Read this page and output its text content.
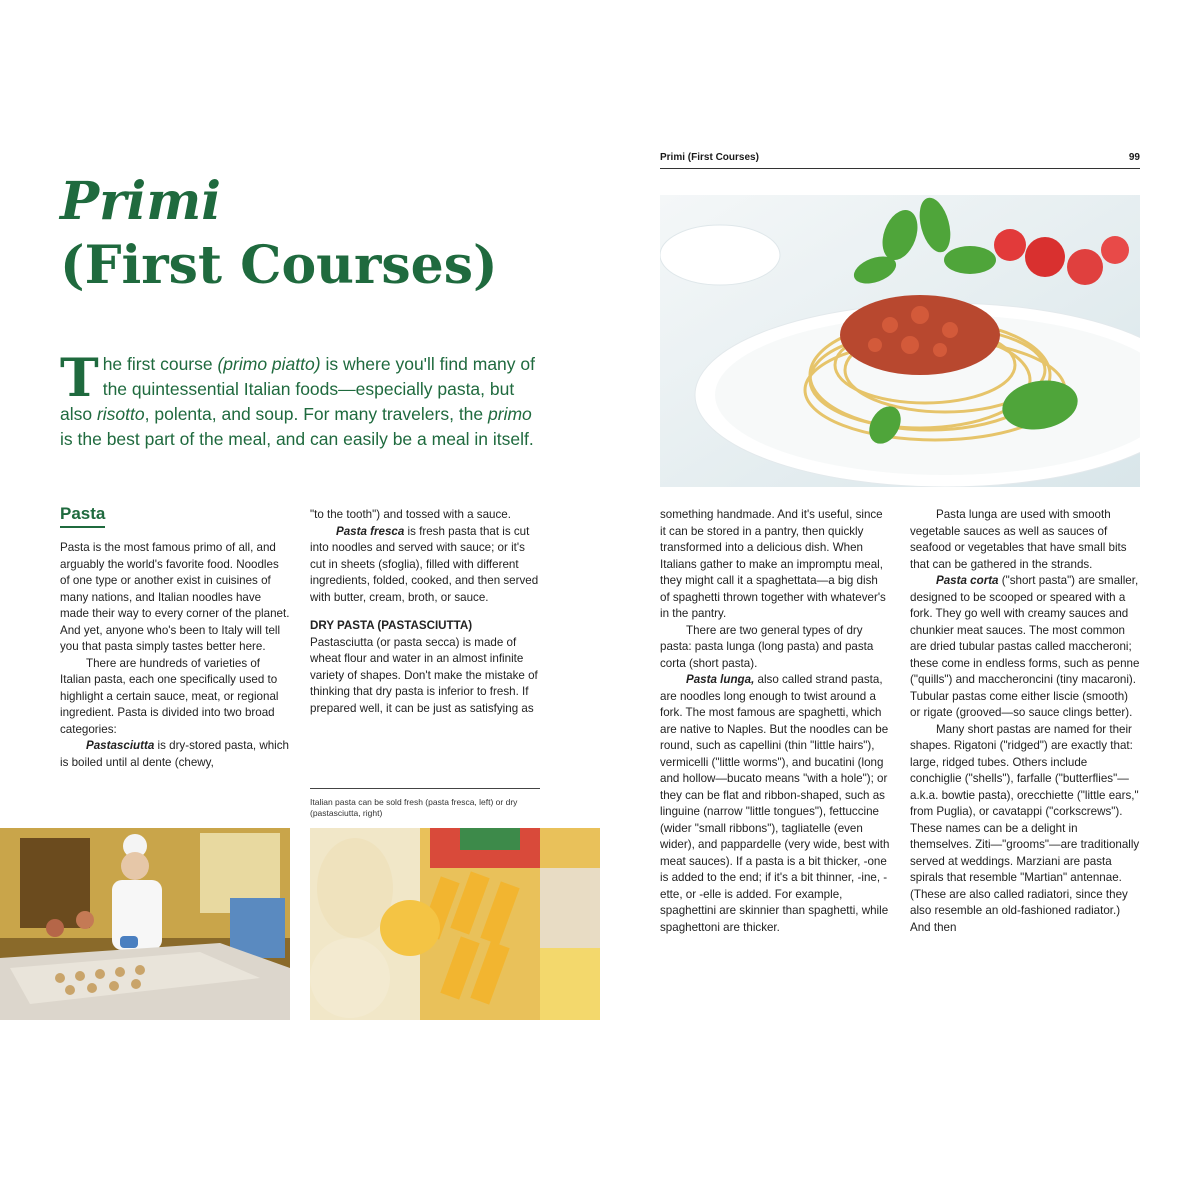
Primi
(First Courses)

The first course (primo piatto) is where you'll find many of the quintessential Italian foods—especially pasta, but also risotto, polenta, and soup. For many travelers, the primo is the best part of the meal, and can easily be a meal in itself.

Pasta

Pasta is the most famous primo of all, and arguably the world's favorite food. Noodles of one type or another exist in cuisines of many nations, and Italian noodles have made their way to every corner of the planet. And yet, anyone who's been to Italy will tell you that pasta simply tastes better here.

There are hundreds of varieties of Italian pasta, each one specifically used to highlight a certain sauce, meat, or regional ingredient. Pasta is divided into two broad categories:

Pastasciutta is dry-stored pasta, which is boiled until al dente (chewy,

"to the tooth") and tossed with a sauce.

Pasta fresca is fresh pasta that is cut into noodles and served with sauce; or it's cut in sheets (sfoglia), filled with different ingredients, folded, cooked, and then served with butter, cream, broth, or sauce.

DRY PASTA (PASTASCIUTTA)

Pastasciutta (or pasta secca) is made of wheat flour and water in an almost infinite variety of shapes. Don't make the mistake of thinking that dry pasta is inferior to fresh. If prepared well, it can be just as satisfying as

Italian pasta can be sold fresh (pasta fresca, left) or dry (pastasciutta, right)
Primi (First Courses)	99

something handmade. And it's useful, since it can be stored in a pantry, then quickly transformed into a delicious dish. When Italians gather to make an impromptu meal, they might call it a spaghettata—a big dish of spaghetti thrown together with whatever's in the pantry.

There are two general types of dry pasta: pasta lunga (long pasta) and pasta corta (short pasta).

Pasta lunga, also called strand pasta, are noodles long enough to twist around a fork. The most famous are spaghetti, which are native to Naples. But the noodles can be round, such as capellini (thin "little hairs"), vermicelli ("little worms"), and bucatini (long and hollow—bucato means "with a hole"); or they can be flat and ribbon-shaped, such as linguine (narrow "little tongues"), fettuccine (wider "small ribbons"), tagliatelle (even wider), and pappardelle (very wide, best with meat sauces). If a pasta is a bit thicker, -one is added to the end; if it's a bit thinner, -ine, -ette, or -elle is added. For example, spaghettini are skinnier than spaghetti, while spaghettoni are thicker.

Pasta lunga are used with smooth vegetable sauces as well as sauces of seafood or vegetables that have small bits that can be gathered in the strands.

Pasta corta ("short pasta") are smaller, designed to be scooped or speared with a fork. They go well with creamy sauces and chunkier meat sauces. The most common are dried tubular pastas called maccheroni; these come in endless forms, such as penne ("quills") and maccheroncini (tiny macaroni). Tubular pastas come either liscie (smooth) or rigate (grooved—so sauce clings better).

Many short pastas are named for their shapes. Rigatoni ("ridged") are exactly that: large, ridged tubes. Others include conchiglie ("shells"), farfalle ("butterflies"—a.k.a. bowtie pasta), orecchiette ("little ears," from Puglia), or cavatappi ("corkscrews"). These names can be a delight in themselves. Ziti—"grooms"—are traditionally served at weddings. Marziani are pasta spirals that resemble "Martian" antennae. (These are also called radiatori, since they also resemble an old-fashioned radiator.) And then
